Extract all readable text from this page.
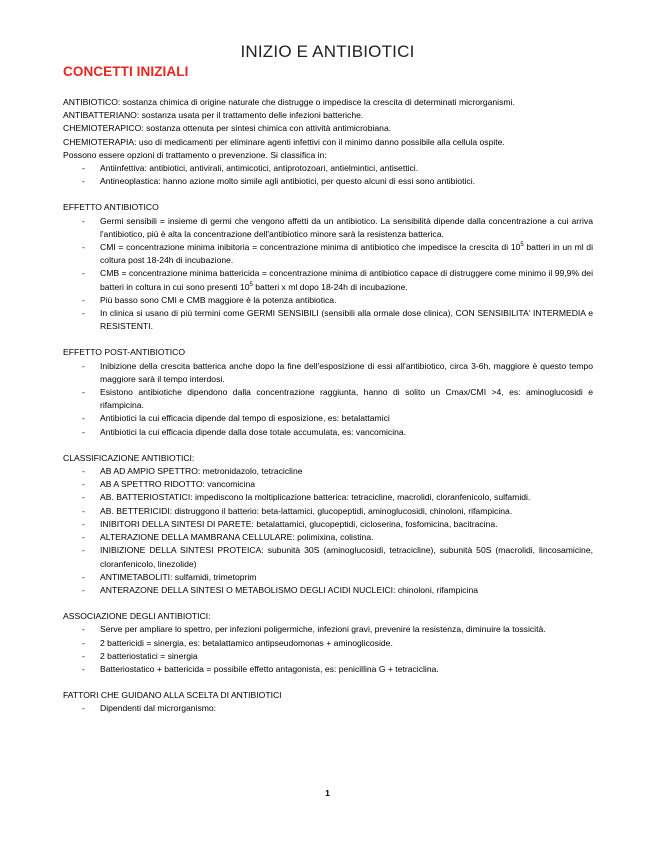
INIZIO E ANTIBIOTICI
CONCETTI INIZIALI

ANTIBIOTICO: sostanza chimica di origine naturale che distrugge o impedisce la crescita di determinati microrganismi.

ANTIBATTERIANO: sostanza usata per il trattamento delle infezioni batteriche.

CHEMIOTERAPICO: sostanza ottenuta per sintesi chimica con attività antimicrobiana.

CHEMIOTERAPIA: uso di medicamenti per eliminare agenti infettivi con il minimo danno possibile alla cellula ospite.

Possono essere opzioni di trattamento o prevenzione. Si classifica in:

- Antiinfettiva: antibiotici, antivirali, antimicotici, antiprotozoari, antielmintici, antisettici.
- Antineoplastica: hanno azione molto simile agli antibiotici, per questo alcuni di essi sono antibiotici.

EFFETTO ANTIBIOTICO

- Germi sensibili = insieme di germi che vengono affetti da un antibiotico. La sensibilità dipende dalla concentrazione a cui arriva l'antibiotico, più è alta la concentrazione dell'antibiotico minore sarà la resistenza batterica.
- CMI = concentrazione minima inibitoria = concentrazione minima di antibiotico che impedisce la crescita di $10^5$ batteri in un ml di coltura post 18-24h di incubazione.
- CMB = concentrazione minima battericida = concentrazione minima di antibiotico capace di distruggere come minimo il 99,9% dei batteri in coltura in cui sono presenti $10^5$ batteri x ml dopo 18-24h di incubazione.
- Più basso sono CMI e CMB maggiore è la potenza antibiotica.
- In clinica si usano di più termini come GERMI SENSIBILI (sensibili alla ormale dose clinica), CON SENSIBILITA' INTERMEDIA e RESISTENTI.

EFFETTO POST-ANTIBIOTICO

- Inibizione della crescita batterica anche dopo la fine dell'esposizione di essi all'antibiotico, circa 3-6h, maggiore è questo tempo maggiore sarà il tempo interdosi.
- Esistono antibiotiche dipendono dalla concentrazione raggiunta, hanno di solito un Cmax/CMI >4, es: aminoglucosidi e rifampicina.
- Antibiotici la cui efficacia dipende dal tempo di esposizione, es: betalattamici
- Antibiotici la cui efficacia dipende dalla dose totale accumulata, es: vancomicina.

CLASSIFICAZIONE ANTIBIOTICI:

- AB AD AMPIO SPETTRO: metronidazolo, tetracicline
- AB A SPETTRO RIDOTTO: vancomicina
- AB. BATTERIOSTATICI: impediscono la moltiplicazione batterica: tetracicline, macrolidi, cloranfenicolo, sulfamidi.
- AB. BETTERICIDI: distruggono il batterio: beta-lattamici, glucopeptidi, aminoglucosidi, chinoloni, rifampicina.
- INIBITORI DELLA SINTESI DI PARETE: betalattamici, glucopeptidi, cicloserina, fosfomicina, bacitracina.
- ALTERAZIONE DELLA MAMBRANA CELLULARE: polimixina, colistina.
- INIBIZIONE DELLA SINTESI PROTEICA: subunità 30S (aminoglucosidi, tetracicline), subunità 50S (macrolidi, lincosamicine, cloranfenicolo, linezolide)
- ANTIMETABOLITI: sulfamidi, trimetoprim
- ANTERAZONE DELLA SINTESI O METABOLISMO DEGLI ACIDI NUCLEICI: chinoloni, rifampicina

ASSOCIAZIONE DEGLI ANTIBIOTICI:

- Serve per ampliare lo spettro, per infezioni poligermiche, infezioni gravi, prevenire la resistenza, diminuire la tossicità.
- 2 battericidi = sinergia, es: betalattamico antipseudomonas + aminoglicoside.
- 2 batteriostatici = sinergia
- Batteriostatico + battericida = possibile effetto antagonista, es: penicillina G + tetraciclina.

FATTORI CHE GUIDANO ALLA SCELTA DI ANTIBIOTICI

- Dipendenti dal microrganismo:
1
